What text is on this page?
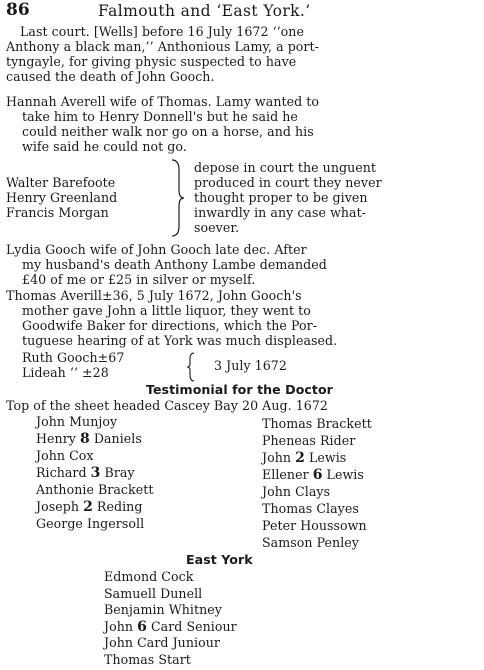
86	Falmouth and ‘East York.’
Last court. [Wells] before 16 July 1672 ‘‘one
Anthony a black man,’’ Anthonious Lamy, a port-
tyngayle, for giving physic suspected to have
caused the death of John Gooch.
Hannah Averell wife of Thomas. Lamy wanted to
take him to Henry Donnell's but he said he
could neither walk nor go on a horse, and his
wife said he could not go.
Walter Barefoote
Henry Greenland
Francis Morgan
depose in court the unguent
produced in court they never
thought proper to be given
inwardly in any case what-
soever.
Lydia Gooch wife of John Gooch late dec. After
my husband's death Anthony Lambe demanded
£40 of me or £25 in silver or myself.
Thomas Averill±36, 5 July 1672, John Gooch's
mother gave John a little liquor, they went to
Goodwife Baker for directions, which the Por-
tuguese hearing of at York was much displeased.
Ruth Gooch±67
Lideah ‘‘ ±28	3 July 1672
Testimonial for the Doctor
Top of the sheet headed Cascey Bay 20 Aug. 1672
John Munjoy
Henry 8 Daniels
John Cox
Richard 3 Bray
Anthonie Brackett
Joseph 2 Reding
George Ingersoll
Thomas Brackett
Pheneas Rider
John 2 Lewis
Ellener 6 Lewis
John Clays
Thomas Clayes
Peter Houssown
Samson Penley
East York
Edmond Cock
Samuell Dunell
Benjamin Whitney
John 6 Card Seniour
John Card Juniour
Thomas Start
